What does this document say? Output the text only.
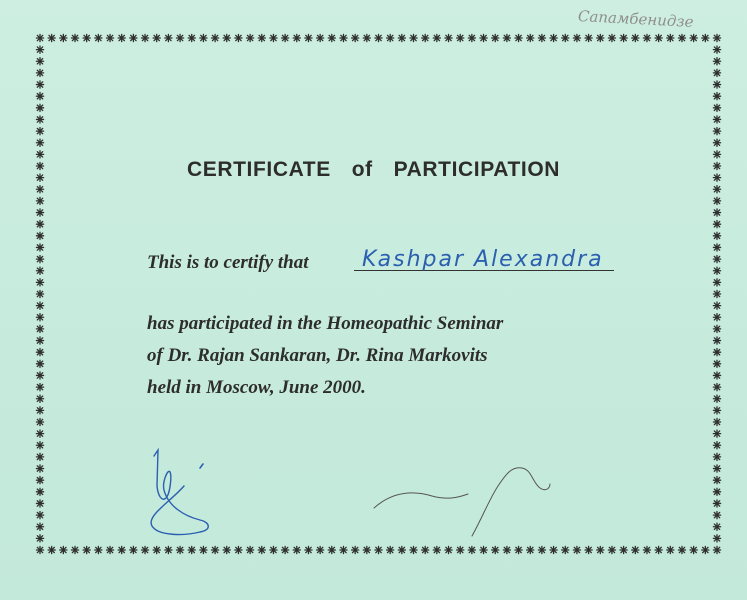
Сапамбенидзе
CERTIFICATE  of  PARTICIPATION
This is to certify that Kashpar Alexandra
has participated in the Homeopathic Seminar
of Dr. Rajan Sankaran, Dr. Rina Markovits
held in Moscow, June 2000.
